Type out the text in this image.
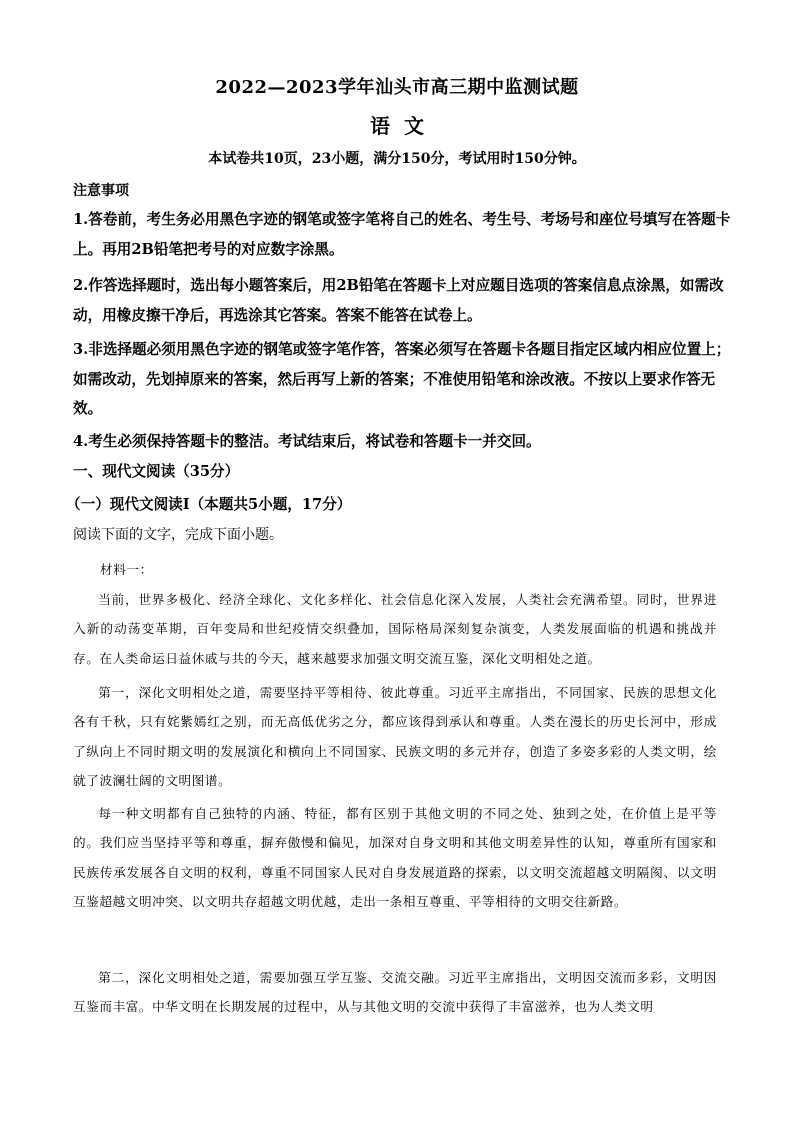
2022—2023学年汕头市高三期中监测试题
语文
本试卷共10页，23小题，满分150分，考试用时150分钟。
注意事项
1.答卷前，考生务必用黑色字迹的钢笔或签字笔将自己的姓名、考生号、考场号和座位号填写在答题卡上。再用2B铅笔把考号的对应数字涂黑。
2.作答选择题时，选出每小题答案后，用2B铅笔在答题卡上对应题目选项的答案信息点涂黑，如需改动，用橡皮擦干净后，再选涂其它答案。答案不能答在试卷上。
3.非选择题必须用黑色字迹的钢笔或签字笔作答，答案必须写在答题卡各题目指定区域内相应位置上；如需改动，先划掉原来的答案，然后再写上新的答案；不准使用铅笔和涂改液。不按以上要求作答无效。
4.考生必须保持答题卡的整洁。考试结束后，将试卷和答题卡一并交回。
一、现代文阅读（35分）
（一）现代文阅读Ⅰ（本题共5小题，17分）
阅读下面的文字，完成下面小题。
材料一：
当前，世界多极化、经济全球化、文化多样化、社会信息化深入发展，人类社会充满希望。同时，世界进入新的动荡变革期，百年变局和世纪疫情交织叠加，国际格局深刻复杂演变，人类发展面临的机遇和挑战并存。在人类命运日益休戚与共的今天，越来越要求加强文明交流互鉴，深化文明相处之道。
第一，深化文明相处之道，需要坚持平等相待、彼此尊重。习近平主席指出，不同国家、民族的思想文化各有千秋，只有姹紫嫣红之别，而无高低优劣之分，都应该得到承认和尊重。人类在漫长的历史长河中，形成了纵向上不同时期文明的发展演化和横向上不同国家、民族文明的多元并存，创造了多姿多彩的人类文明，绘就了波澜壮阔的文明图谱。
每一种文明都有自己独特的内涵、特征，都有区别于其他文明的不同之处、独到之处，在价值上是平等的。我们应当坚持平等和尊重，摒弃傲慢和偏见，加深对自身文明和其他文明差异性的认知，尊重所有国家和民族传承发展各自文明的权利，尊重不同国家人民对自身发展道路的探索，以文明交流超越文明隔阂、以文明互鉴超越文明冲突、以文明共存超越文明优越，走出一条相互尊重、平等相待的文明交往新路。
第二，深化文明相处之道，需要加强互学互鉴、交流交融。习近平主席指出，文明因交流而多彩，文明因互鉴而丰富。中华文明在长期发展的过程中，从与其他文明的交流中获得了丰富滋养，也为人类文明
